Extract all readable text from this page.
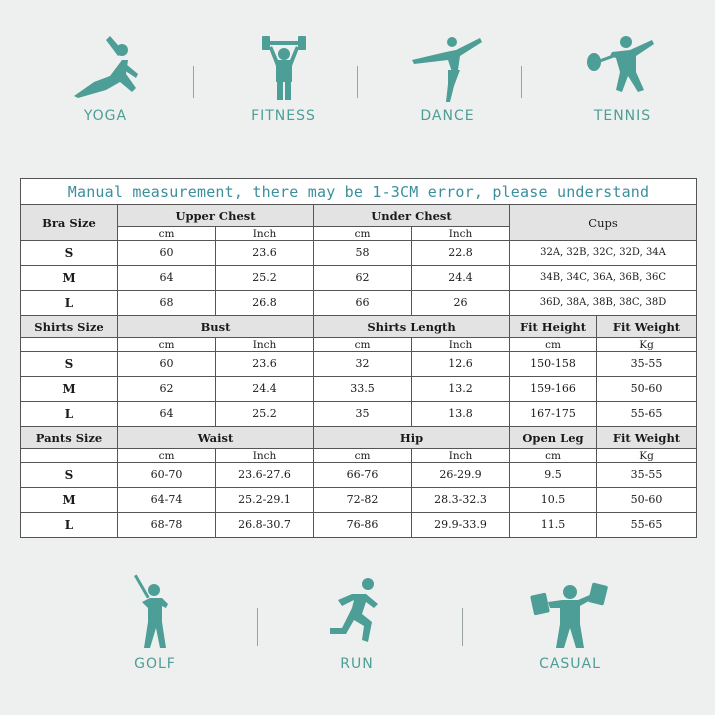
YOGA	FITNESS	DANCE	TENNIS
Manual measurement, there may be 1-3CM error, please understand						
Bra Size	Upper Chest		Under Chest		Cups	
	cm	Inch	cm	Inch		
S	60	23.6	58	22.8	32A, 32B, 32C, 32D, 34A	
M	64	25.2	62	24.4	34B, 34C, 36A, 36B, 36C	
L	68	26.8	66	26	36D, 38A, 38B, 38C, 38D	
Shirts Size	Bust		Shirts Length		Fit Height	Fit Weight
	cm	Inch	cm	Inch	cm	Kg
S	60	23.6	32	12.6	150-158	35-55
M	62	24.4	33.5	13.2	159-166	50-60
L	64	25.2	35	13.8	167-175	55-65
Pants Size	Waist		Hip		Open Leg	Fit Weight
	cm	Inch	cm	Inch	cm	Kg
S	60-70	23.6-27.6	66-76	26-29.9	9.5	35-55
M	64-74	25.2-29.1	72-82	28.3-32.3	10.5	50-60
L	68-78	26.8-30.7	76-86	29.9-33.9	11.5	55-65
GOLF	RUN	CASUAL
